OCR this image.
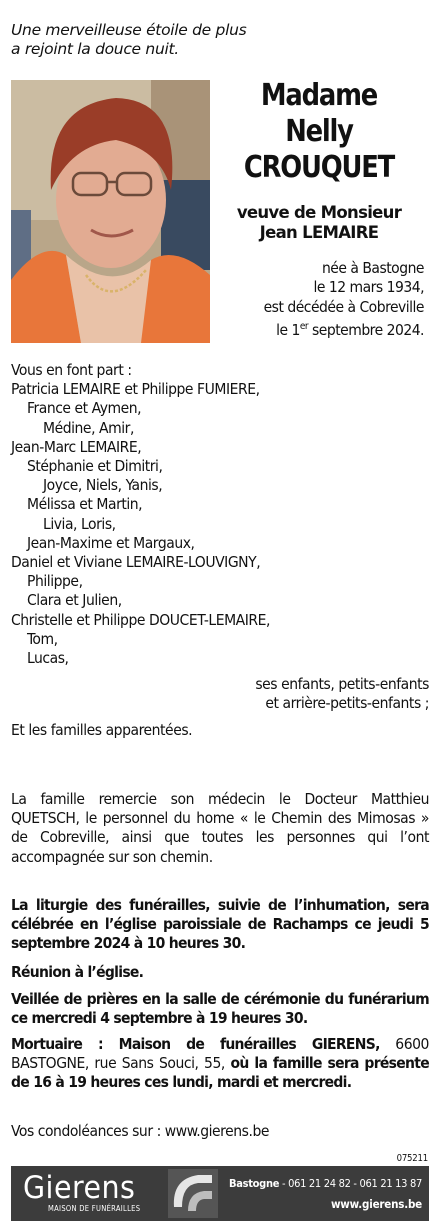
Une merveilleuse étoile de plus
a rejoint la douce nuit.
Madame
Nelly
CROUQUET
veuve de Monsieur
Jean LEMAIRE
née à Bastogne
le 12 mars 1934,
est décédée à Cobreville
le 1er septembre 2024.
Vous en font part :
Patricia LEMAIRE et Philippe FUMIERE,
France et Aymen,
Médine, Amir,
Jean-Marc LEMAIRE,
Stéphanie et Dimitri,
Joyce, Niels, Yanis,
Mélissa et Martin,
Livia, Loris,
Jean-Maxime et Margaux,
Daniel et Viviane LEMAIRE-LOUVIGNY,
Philippe,
Clara et Julien,
Christelle et Philippe DOUCET-LEMAIRE,
Tom,
Lucas,
ses enfants, petits-enfants
et arrière-petits-enfants ;
Et les familles apparentées.
La famille remercie son médecin le Docteur Matthieu QUETSCH, le personnel du home « le Chemin des Mimosas » de Cobreville, ainsi que toutes les personnes qui l’ont accompagnée sur son chemin.
La liturgie des funérailles, suivie de l’inhumation, sera célébrée en l’église paroissiale de Rachamps ce jeudi 5 septembre 2024 à 10 heures 30.
Réunion à l’église.
Veillée de prières en la salle de cérémonie du funérarium ce mercredi 4 septembre à 19 heures 30.
Mortuaire : Maison de funérailles GIERENS, 6600 BASTOGNE, rue Sans Souci, 55, où la famille sera présente de 16 à 19 heures ces lundi, mardi et mercredi.
Vos condoléances sur : www.gierens.be
075211
Gierens
MAISON DE FUNÉRAILLES
Bastogne - 061 21 24 82 - 061 21 13 87
www.gierens.be
